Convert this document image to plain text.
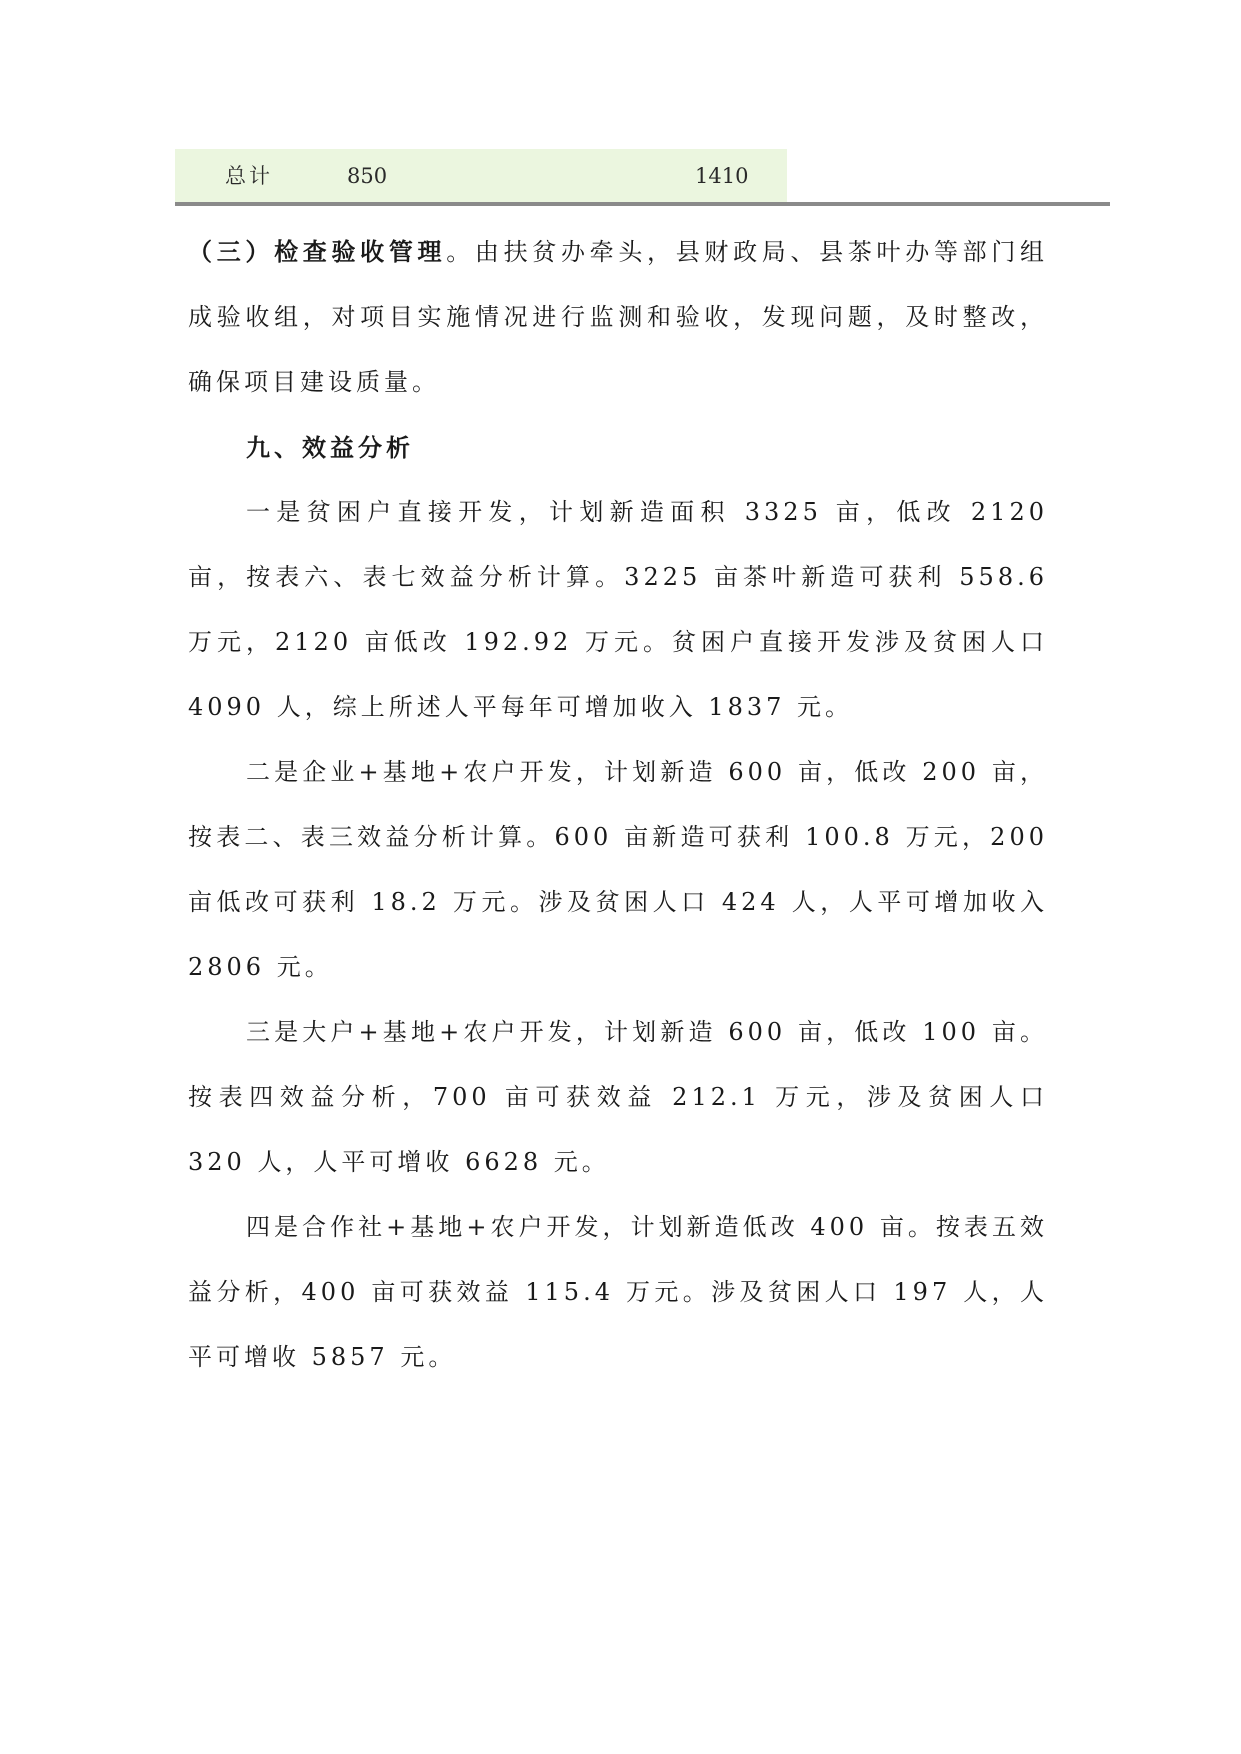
总计	850	1410

（三）检查验收管理。由扶贫办牵头，县财政局、县茶叶办等部门组成验收组，对项目实施情况进行监测和验收，发现问题，及时整改，确保项目建设质量。

九、效益分析

一是贫困户直接开发，计划新造面积 3325 亩，低改 2120 亩，按表六、表七效益分析计算。3225 亩茶叶新造可获利 558.6 万元，2120 亩低改 192.92 万元。贫困户直接开发涉及贫困人口 4090 人，综上所述人平每年可增加收入 1837 元。

二是企业+基地+农户开发，计划新造 600 亩，低改 200 亩，按表二、表三效益分析计算。600 亩新造可获利 100.8 万元，200 亩低改可获利 18.2 万元。涉及贫困人口 424 人，人平可增加收入 2806 元。

三是大户+基地+农户开发，计划新造 600 亩，低改 100 亩。按表四效益分析，700 亩可获效益 212.1 万元，涉及贫困人口 320 人，人平可增收 6628 元。

四是合作社+基地+农户开发，计划新造低改 400 亩。按表五效益分析，400 亩可获效益 115.4 万元。涉及贫困人口 197 人，人平可增收 5857 元。
